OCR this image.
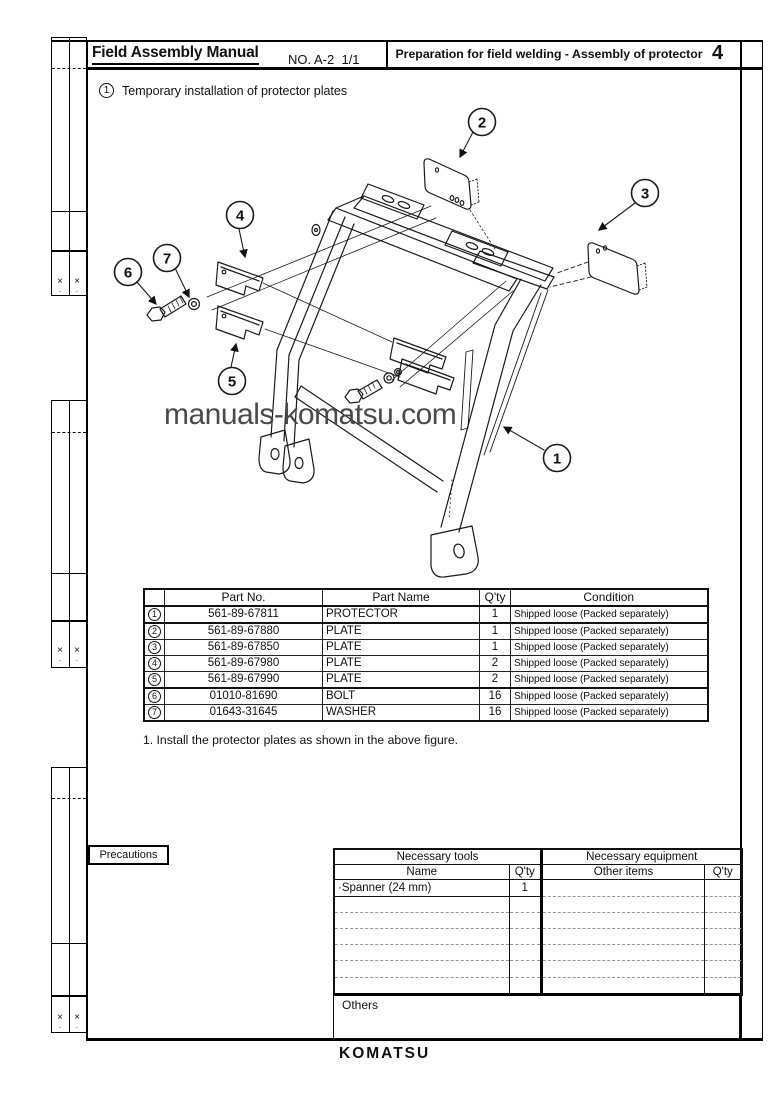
×	×
·	·
×	×
·	·
×	×
·	·
Field Assembly Manual NO. A-2  1/1	Preparation for field welding - Assembly of protector 4
1	Temporary installation of protector plates
1
2
3
4
5
6
7
manuals-komatsu.com
	Part No.	Part Name	Q'ty	Condition
1	561-89-67811	PROTECTOR	1	Shipped loose (Packed separately)
2	561-89-67880	PLATE	1	Shipped loose (Packed separately)
3	561-89-67850	PLATE	1	Shipped loose (Packed separately)
4	561-89-67980	PLATE	2	Shipped loose (Packed separately)
5	561-89-67990	PLATE	2	Shipped loose (Packed separately)
6	01010-81690	BOLT	16	Shipped loose (Packed separately)
7	01643-31645	WASHER	16	Shipped loose (Packed separately)
1. Install the protector plates as shown in the above figure.
Precautions	Necessary tools	
Name	Q'ty
·Spanner (24 mm)	1

Necessary equipment	
Other items	Q'ty

Others
KOMATSU
